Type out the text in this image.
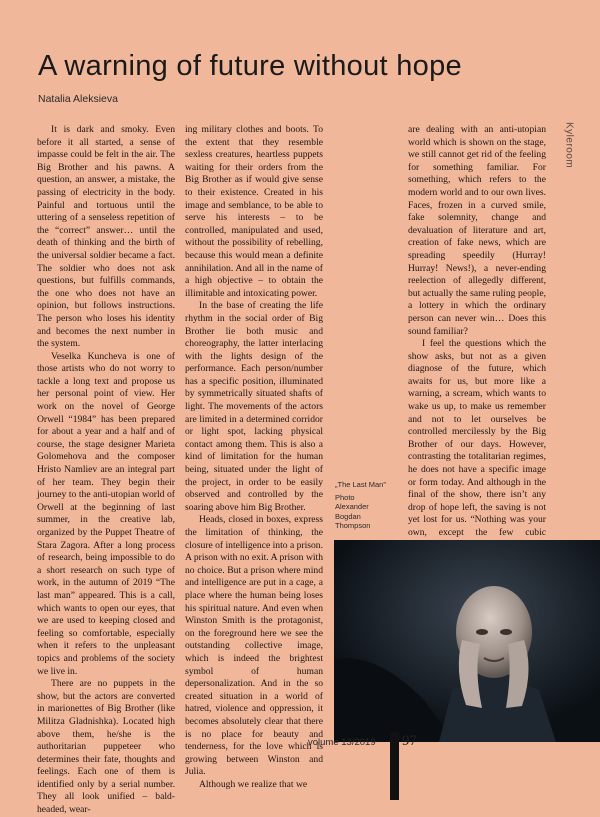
A warning of future without hope
Natalia Aleksieva

It is dark and smoky. Even before it all started, a sense of impasse could be felt in the air. The Big Brother and his pawns. A question, an answer, a mistake, the passing of electricity in the body. Painful and tortuous until the uttering of a senseless repetition of the “correct” answer… until the death of thinking and the birth of the universal soldier became a fact. The soldier who does not ask questions, but fulfills commands, the one who does not have an opinion, but follows instructions. The person who loses his identity and becomes the next number in the system.

Veselka Kuncheva is one of those artists who do not worry to tackle a long text and propose us her personal point of view. Her work on the novel of George Orwell “1984” has been prepared for about a year and a half and of course, the stage designer Marieta Golomehova and the composer Hristo Namliev are an integral part of her team. They begin their journey to the anti-utopian world of Orwell at the beginning of last summer, in the creative lab, organized by the Puppet Theatre of Stara Zagora. After a long process of research, being impossible to do a short research on such type of work, in the autumn of 2019 “The last man” appeared. This is a call, which wants to open our eyes, that we are used to keeping closed and feeling so comfortable, especially when it refers to the unpleasant topics and problems of the society we live in.

There are no puppets in the show, but the actors are converted in marionettes of Big Brother (like Militza Gladnishka). Located high above them, he/she is the authoritarian puppeteer who determines their fate, thoughts and feelings. Each one of them is identified only by a serial number. They all look unified – bald-headed, wear-

ing military clothes and boots. To the extent that they resemble sexless creatures, heartless puppets waiting for their orders from the Big Brother as if would give sense to their existence. Created in his image and semblance, to be able to serve his interests – to be controlled, manipulated and used, without the possibility of rebelling, because this would mean a definite annihilation. And all in the name of a high objective – to obtain the illimitable and intoxicating power.

In the base of creating the life rhythm in the social order of Big Brother lie both music and choreography, the latter interlacing with the lights design of the performance. Each person/number has a specific position, illuminated by symmetrically situated shafts of light. The movements of the actors are limited in a determined corridor or light spot, lacking physical contact among them. This is also a kind of limitation for the human being, situated under the light of the project, in order to be easily observed and controlled by the soaring above him Big Brother.

Heads, closed in boxes, express the limitation of thinking, the closure of intelligence into a prison. A prison with no exit. A prison with no choice. But a prison where mind and intelligence are put in a cage, a place where the human being loses his spiritual nature. And even when Winston Smith is the protagonist, on the foreground here we see the outstanding collective image, which is indeed the brightest symbol of human depersonalization. And in the so created situation in a world of hatred, violence and oppression, it becomes absolutely clear that there is no place for beauty and tenderness, for the love which is growing between Winston and Julia.

Although we realize that we

are dealing with an anti-utopian world which is shown on the stage, we still cannot get rid of the feeling for something familiar. For something, which refers to the modern world and to our own lives. Faces, frozen in a curved smile, fake solemnity, change and devaluation of literature and art, creation of fake news, which are spreading speedily (Hurray! Hurray! News!), a never-ending reelection of allegedly different, but actually the same ruling people, a lottery in which the ordinary person can never win… Does this sound familiar?

I feel the questions which the show asks, but not as a given diagnose of the future, which awaits for us, but more like a warning, a scream, which wants to wake us up, to make us remember and not to let ourselves be controlled mercilessly by the Big Brother of our days. However, contrasting the totalitarian regimes, he does not have a specific image or form today. And although in the final of the show, there isn’t any drop of hope left, the saving is not yet lost for us. “Nothing was your own, except the few cubic

Kyleroom
„The Last Man”
Photo
Alexander
Bogdan
Thompson
volume 13/2019 97
